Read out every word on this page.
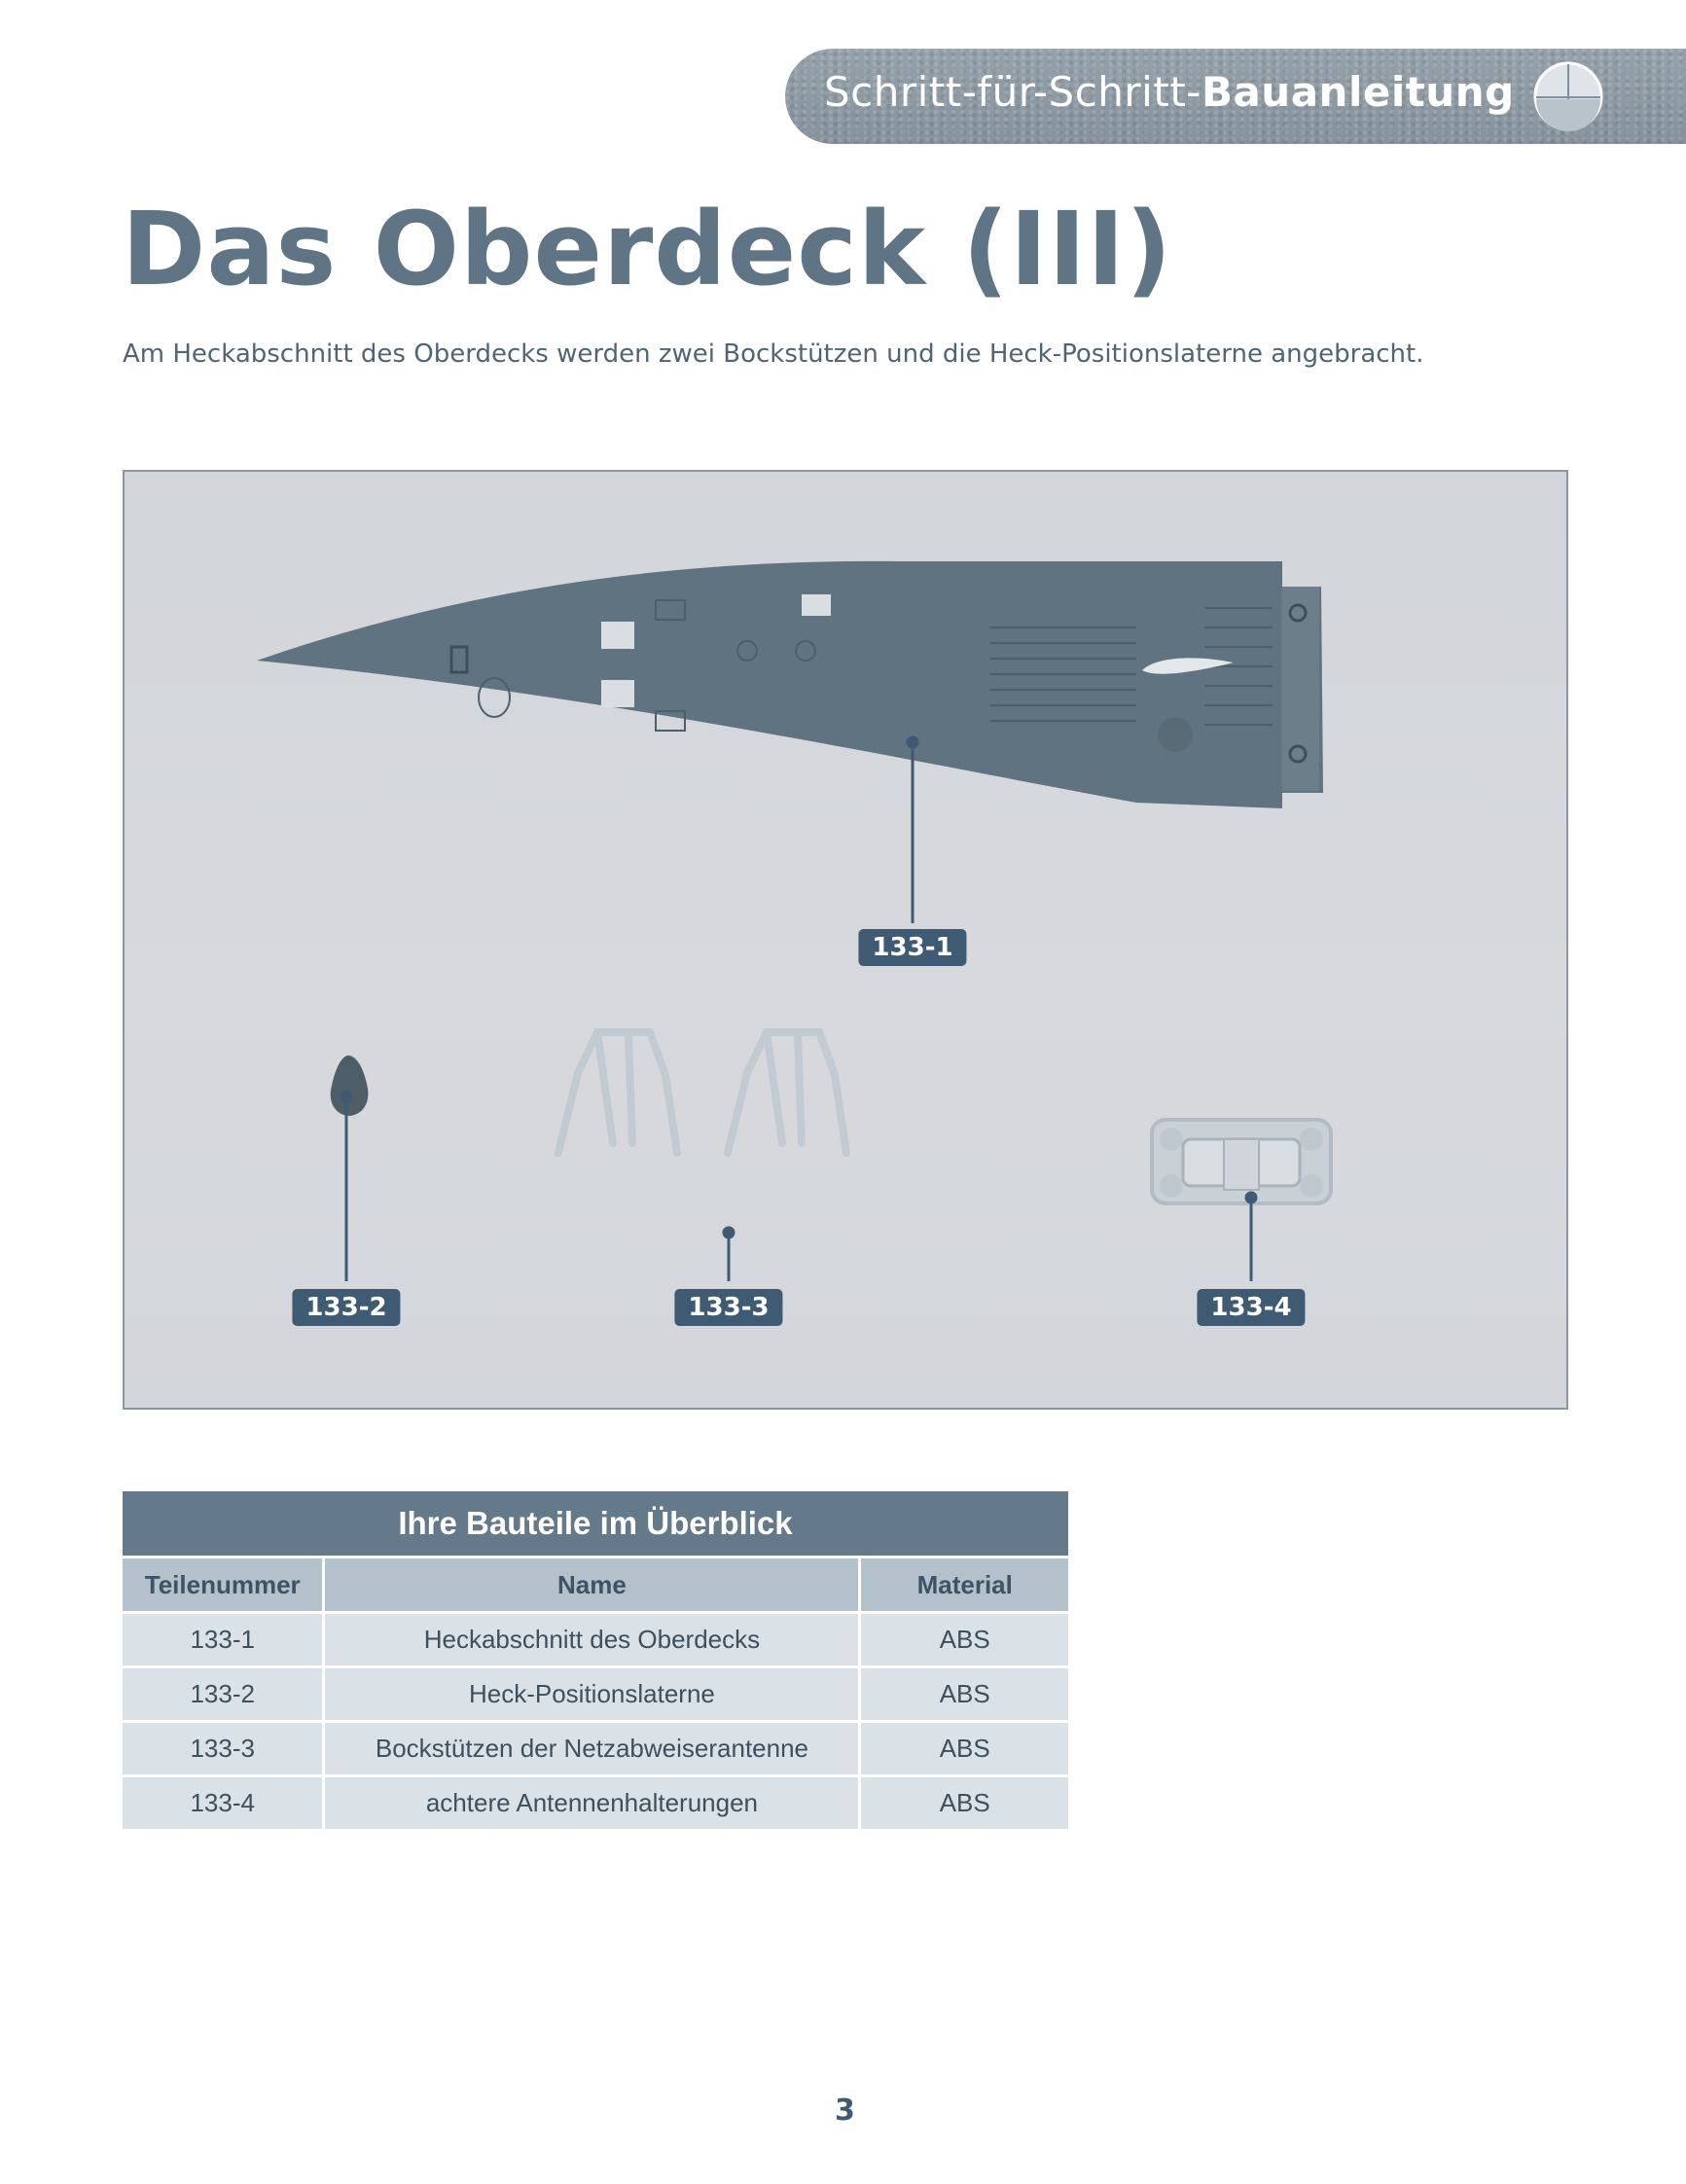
Schritt-für-Schritt-Bauanleitung
Das Oberdeck (III)
Am Heckabschnitt des Oberdecks werden zwei Bockstützen und die Heck-Positionslaterne angebracht.
133-1
133-2	133-3	133-4
Ihre Bauteile im Überblick		
Teilenummer	Name	Material
133-1	Heckabschnitt des Oberdecks	ABS
133-2	Heck-Positionslaterne	ABS
133-3	Bockstützen der Netzabweiserantenne	ABS
133-4	achtere Antennenhalterungen	ABS
3
